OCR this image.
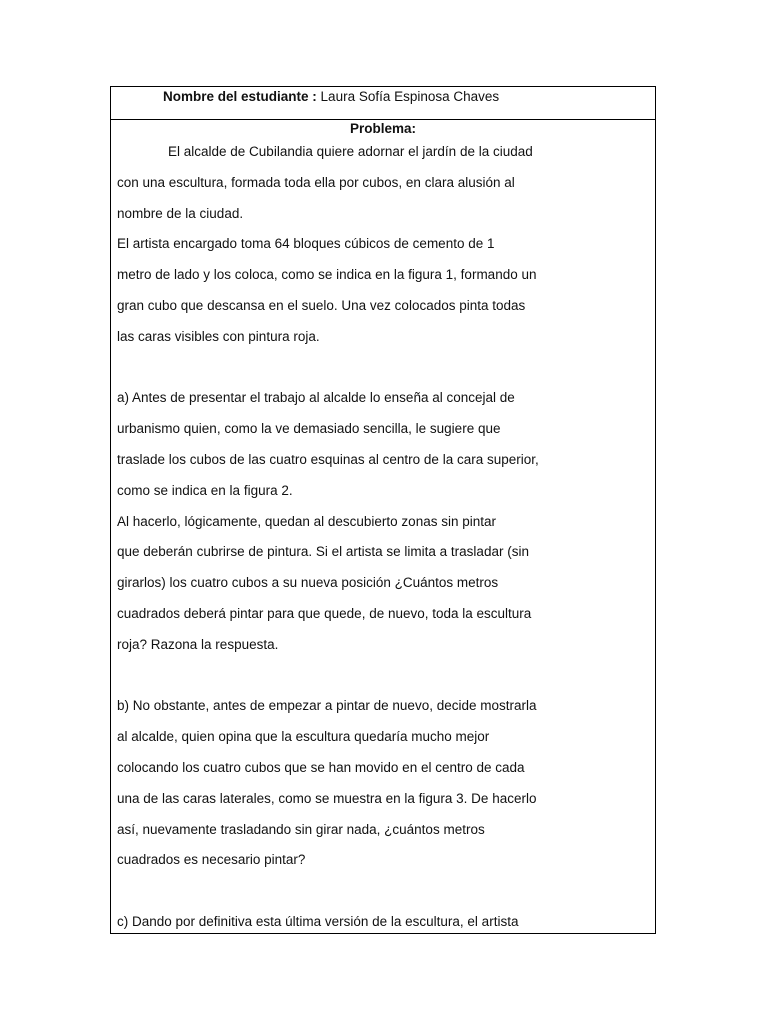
Nombre del estudiante : Laura Sofía Espinosa Chaves
Problema:
El alcalde de Cubilandia quiere adornar el jardín de la ciudad
con una escultura, formada toda ella por cubos, en clara alusión al
nombre de la ciudad.
El artista encargado toma 64 bloques cúbicos de cemento de 1
metro de lado y los coloca, como se indica en la figura 1, formando un
gran cubo que descansa en el suelo. Una vez colocados pinta todas
las caras visibles con pintura roja.
a) Antes de presentar el trabajo al alcalde lo enseña al concejal de
urbanismo quien, como la ve demasiado sencilla, le sugiere que
traslade los cubos de las cuatro esquinas al centro de la cara superior,
como se indica en la figura 2.
Al hacerlo, lógicamente, quedan al descubierto zonas sin pintar
que deberán cubrirse de pintura. Si el artista se limita a trasladar (sin
girarlos) los cuatro cubos a su nueva posición ¿Cuántos metros
cuadrados deberá pintar para que quede, de nuevo, toda la escultura
roja? Razona la respuesta.
b) No obstante, antes de empezar a pintar de nuevo, decide mostrarla
al alcalde, quien opina que la escultura quedaría mucho mejor
colocando los cuatro cubos que se han movido en el centro de cada
una de las caras laterales, como se muestra en la figura 3. De hacerlo
así, nuevamente trasladando sin girar nada, ¿cuántos metros
cuadrados es necesario pintar?
c) Dando por definitiva esta última versión de la escultura, el artista
